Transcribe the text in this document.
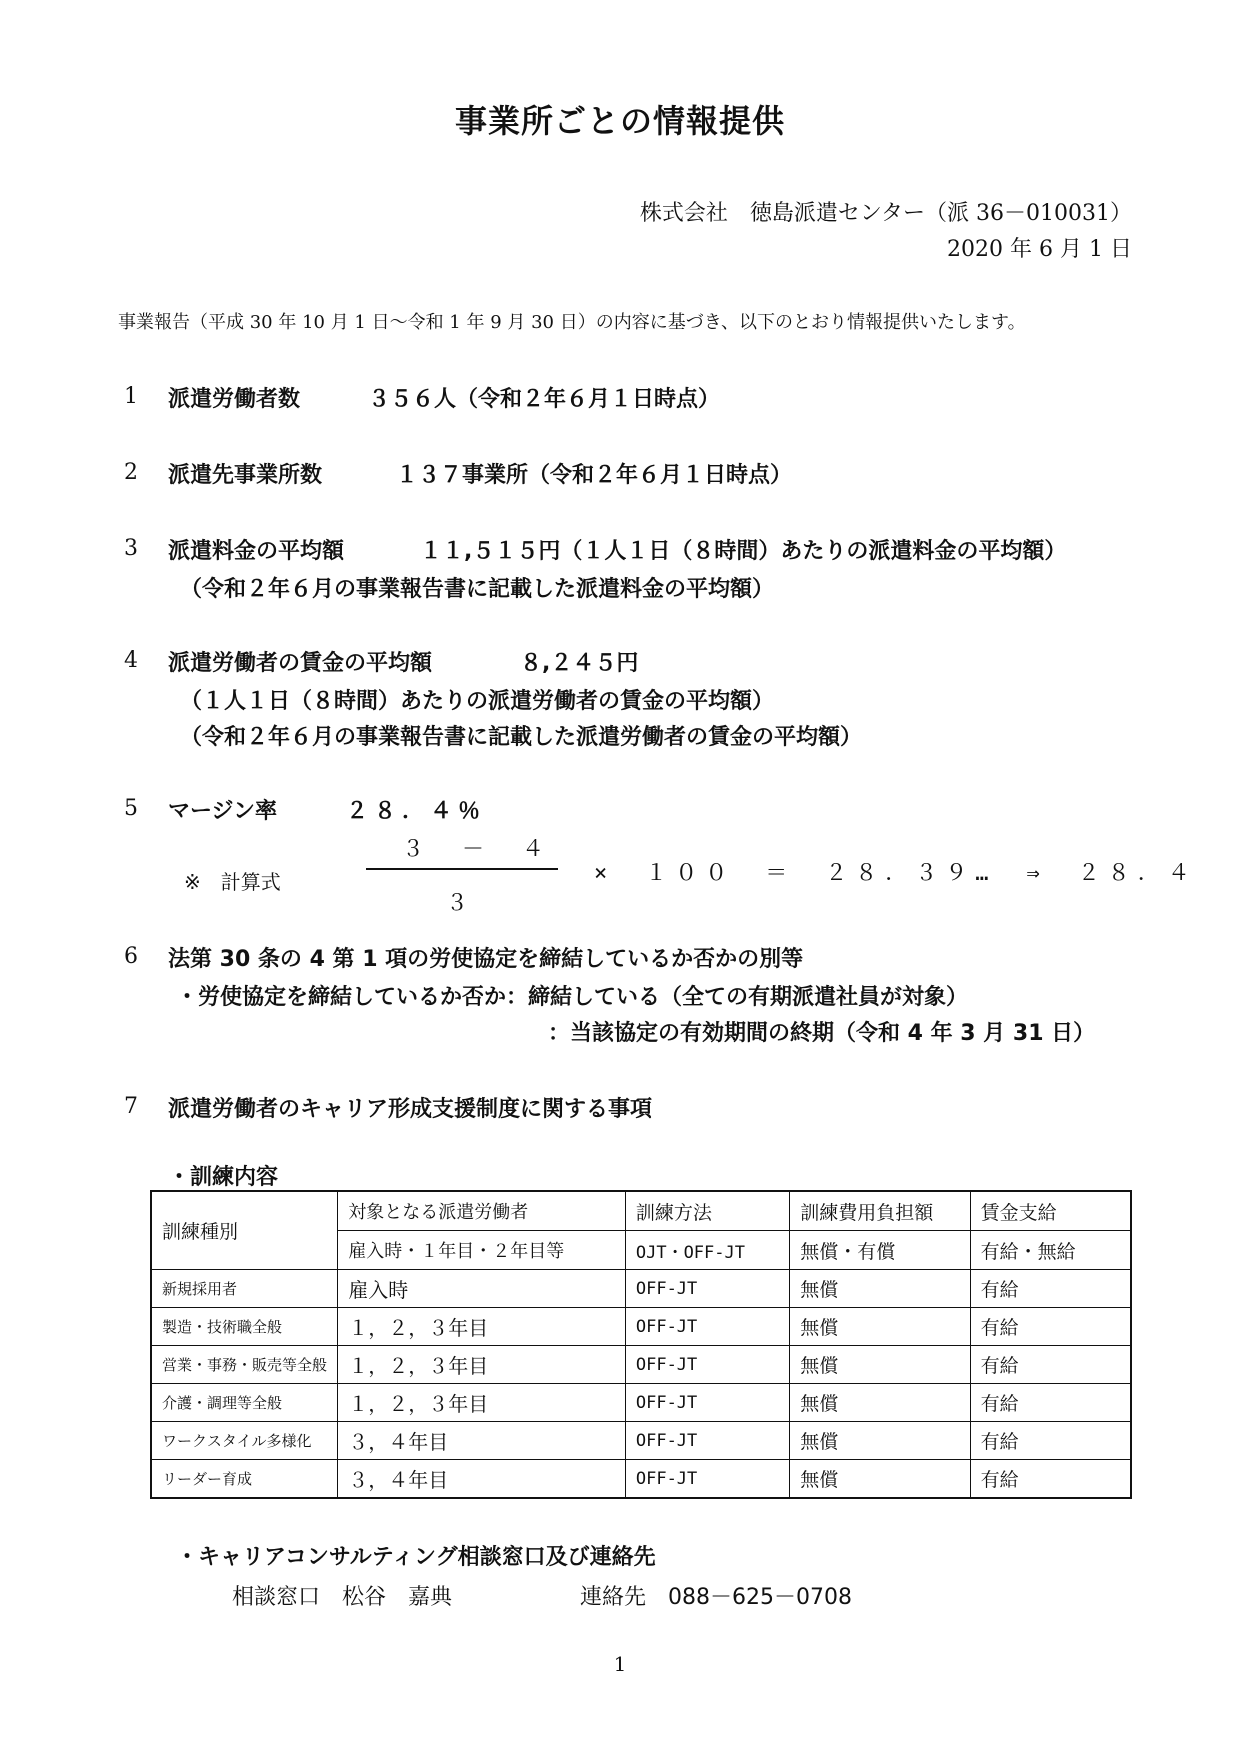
事業所ごとの情報提供
株式会社　徳島派遣センター（派 36－010031）
2020 年 6 月 1 日
事業報告（平成 30 年 10 月 1 日～令和 1 年 9 月 30 日）の内容に基づき、以下のとおり情報提供いたします。
1 派遣労働者数	３５６人（令和２年６月１日時点）
2 派遣先事業所数	１３７事業所（令和２年６月１日時点）
3 派遣料金の平均額	１１,５１５円（１人１日（８時間）あたりの派遣料金の平均額）
（令和２年６月の事業報告書に記載した派遣料金の平均額）
4 派遣労働者の賃金の平均額	８,２４５円
（１人１日（８時間）あたりの派遣労働者の賃金の平均額）
（令和２年６月の事業報告書に記載した派遣労働者の賃金の平均額）
5 マージン率	２８．４％
※　計算式
３　－　４
３
×　１００　＝　２８．３９…　⇒　２８．４
6 法第 30 条の 4 第 1 項の労使協定を締結しているか否かの別等
・労使協定を締結しているか否か：締結している（全ての有期派遣社員が対象）
：当該協定の有効期間の終期（令和 4 年 3 月 31 日）
7 派遣労働者のキャリア形成支援制度に関する事項
・訓練内容
訓練種別	対象となる派遣労働者	訓練方法	訓練費用負担額	賃金支給
	雇入時・１年目・２年目等	OJT・OFF-JT	無償・有償	有給・無給
新規採用者	雇入時	OFF-JT	無償	有給
製造・技術職全般	１，２，３年目	OFF-JT	無償	有給
営業・事務・販売等全般	１，２，３年目	OFF-JT	無償	有給
介護・調理等全般	１，２，３年目	OFF-JT	無償	有給
ワークスタイル多様化	３，４年目	OFF-JT	無償	有給
リーダー育成	３，４年目	OFF-JT	無償	有給
・キャリアコンサルティング相談窓口及び連絡先
相談窓口　松谷　嘉典	連絡先　088－625－0708
1
